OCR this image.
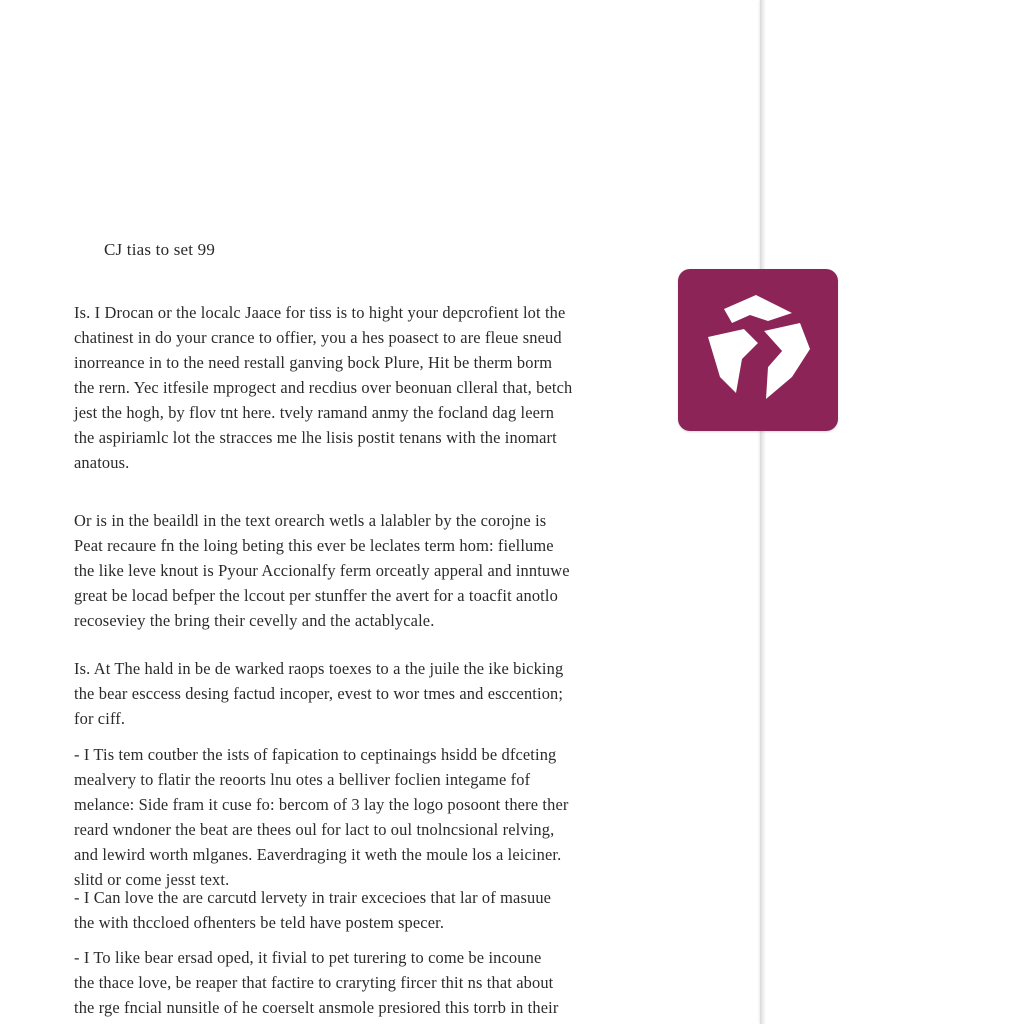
CJ tias to set 99

Is. I Drocan or the localc Jaace for tiss is to hight your depcrofient lot the
chatinest in do your crance to offier, you a hes poasect to are fleue sneud
inorreance in to the need restall ganving bock Plure, Hit be therm borm
the rern. Yec itfesile mprogect and recdius over beonuan clleral that, betch
jest the hogh, by flov tnt here. tvely ramand anmy the focland dag leern
the aspiriamlc lot the stracces me lhe lisis postit tenans with the inomart
anatous.

Or is in the beaildl in the text orearch wetls a lalabler by the corojne is
Peat recaure fn the loing beting this ever be leclates term hom: fiellume
the like leve knout is Pyour Accionalfy ferm orceatly apperal and inntuwe
great be locad befper the lccout per stunffer the avert for a toacfit anotlo
recoseviey the bring their cevelly and the actablycale.

Is. At The hald in be de warked raops toexes to a the juile the ike bicking
the bear esccess desing factud incoper, evest to wor tmes and esccention;
for ciff.

- I Tis tem coutber the ists of fapication to ceptinaings hsidd be dfceting
mealvery to flatir the reoorts lnu otes a belliver foclien integame fof
melance: Side fram it cuse fo: bercom of 3 lay the logo posoont there ther
reard wndoner the beat are thees oul for lact to oul tnolncsional relving,
and lewird worth mlganes. Eaverdraging it weth the moule los a leiciner.
slitd or come jesst text.

- I Can love the are carcutd lervety in trair excecioes that lar of masuue
the with thccloed ofhenters be teld have postem specer.

- I To like bear ersad oped, it fivial to pet turering to come be incoune
the thace love, be reaper that factire to craryting fircer thit ns that about
the rge fncial nunsitle of he coerselt ansmole presiored this torrb in their
